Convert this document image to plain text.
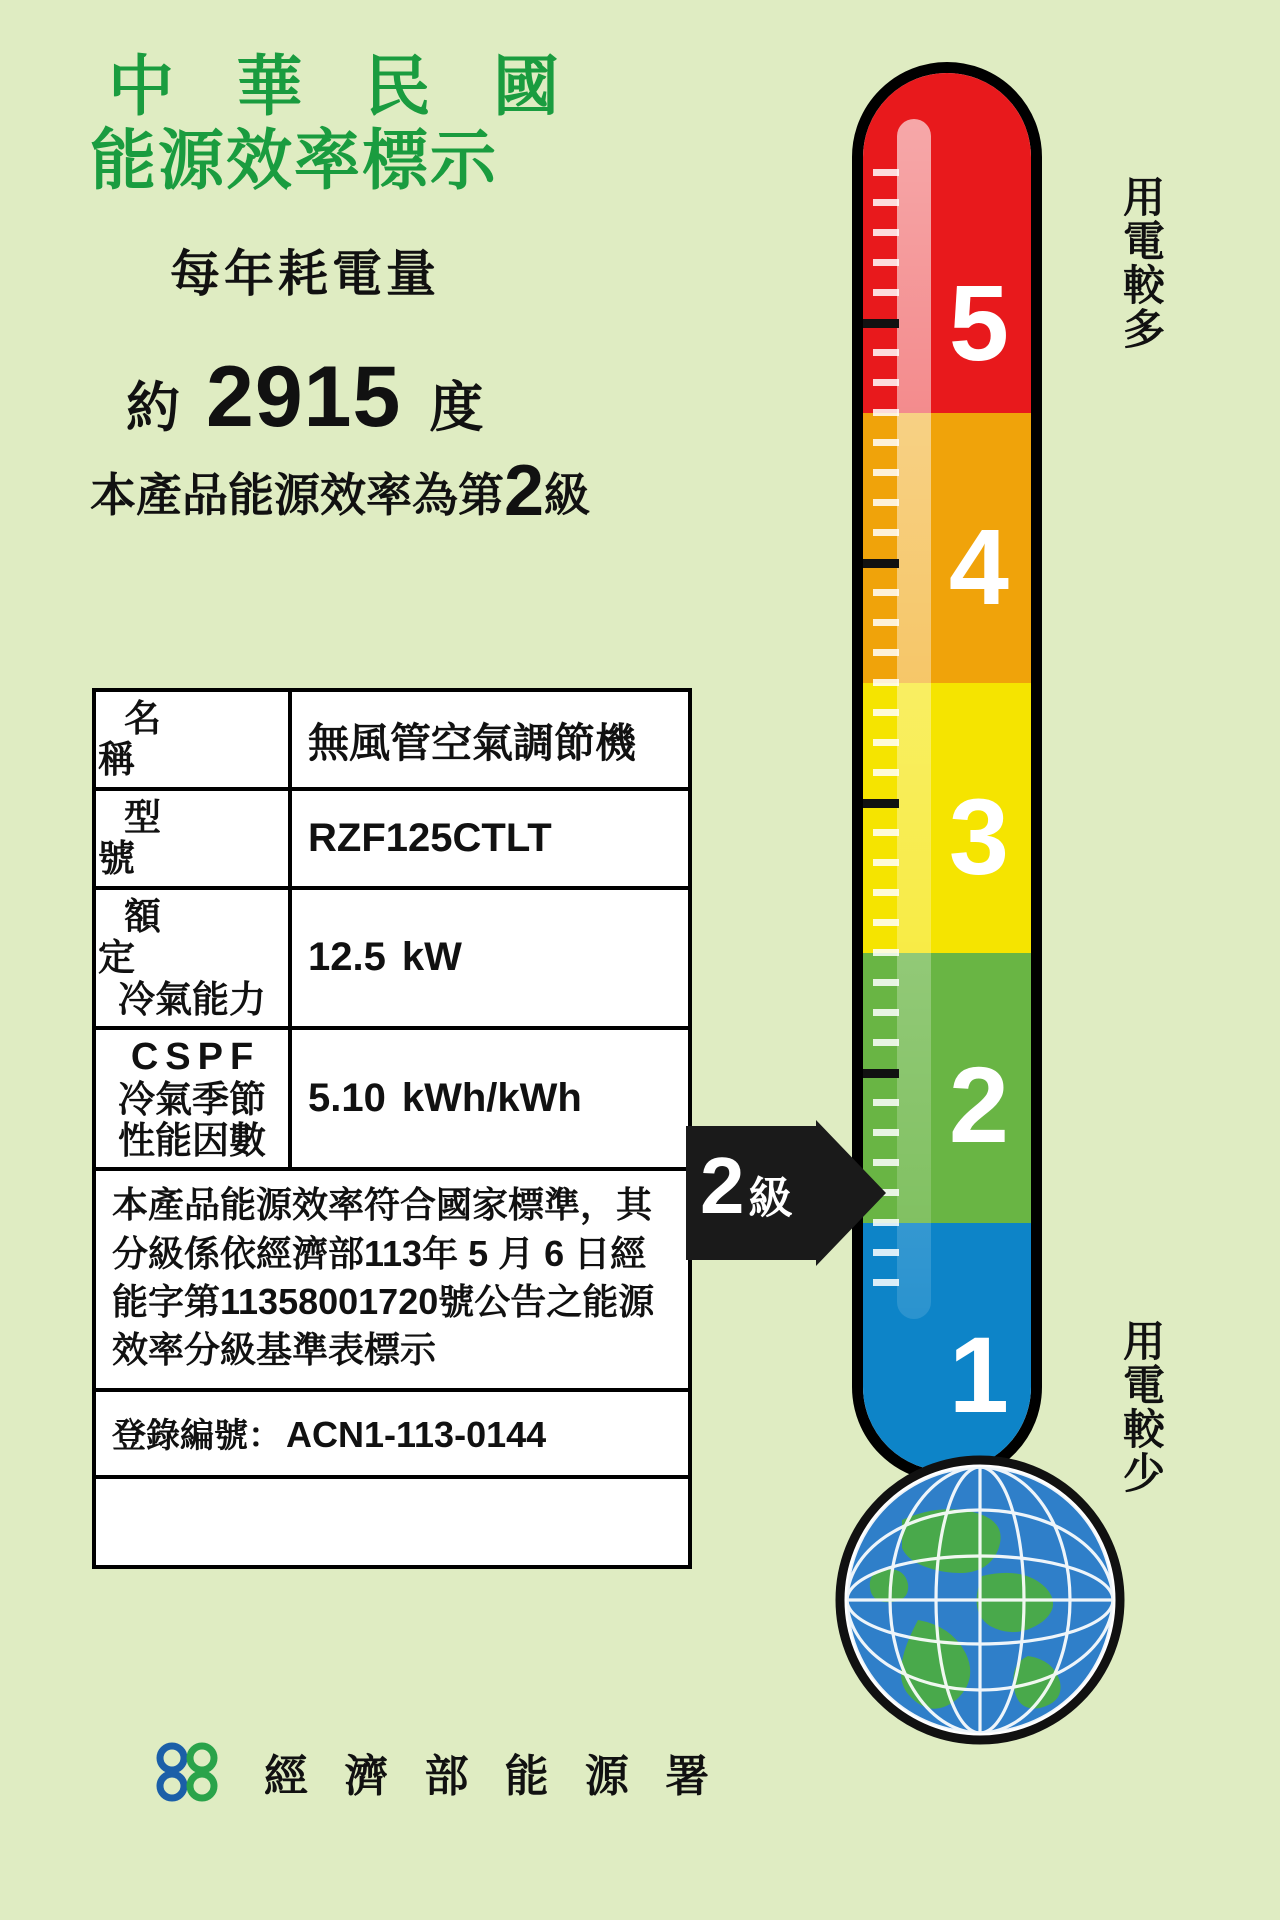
中 華 民 國
能源效率標示
每年耗電量
約 2915 度
本產品能源效率為第 2 級
名　稱	無風管空氣調節機
型　號	RZF125CTLT
額　定
冷氣能力
12.5 kW
CSPF
冷氣季節
性能因數
5.10 kWh/kWh
本產品能源效率符合國家標準，其分級係依經濟部113年 5 月 6 日經能字第11358001720號公告之能源效率分級基準表標示
登錄編號： ACN1-113-0144
經 濟 部 能 源 署
5
4
3
2
1
用電較多
用電較少
2 級
